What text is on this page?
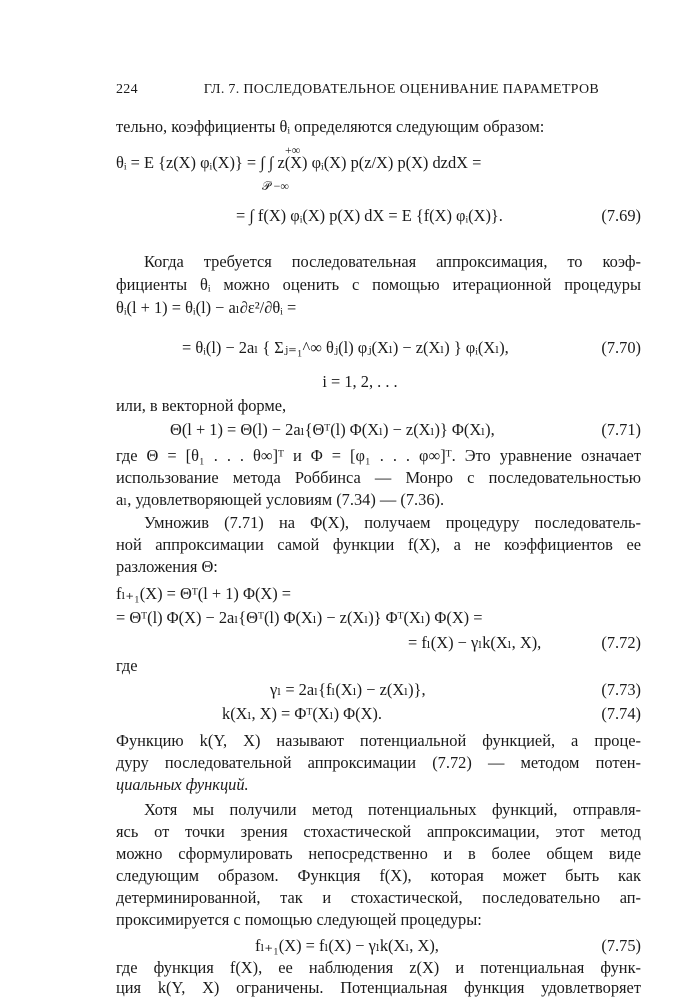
224	ГЛ. 7. ПОСЛЕДОВАТЕЛЬНОЕ ОЦЕНИВАНИЕ ПАРАМЕТРОВ
тельно, коэффициенты θᵢ определяются следующим образом:
+∞
θᵢ = E {z(X) φᵢ(X)} = ∫ ∫ z(X) φᵢ(X) p(z/X) p(X) dzdX =
𝒫 −∞
= ∫ f(X) φᵢ(X) p(X) dX = E {f(X) φᵢ(X)}.	(7.69)
Когда требуется последовательная аппроксимация, то коэф-
фициенты θᵢ можно оценить с помощью итерационной процедуры
θᵢ(l + 1) = θᵢ(l) − aₗ∂ε²/∂θᵢ =
= θᵢ(l) − 2aₗ { Σⱼ₌₁^∞ θⱼ(l) φⱼ(Xₗ) − z(Xₗ) } φᵢ(Xₗ),	(7.70)
i = 1, 2, . . .
или, в векторной форме,
Θ(l + 1) = Θ(l) − 2aₗ{Θᵀ(l) Φ(Xₗ) − z(Xₗ)} Φ(Xₗ),	(7.71)
где Θ = [θ₁ . . . θ∞]ᵀ и Φ = [φ₁ . . . φ∞]ᵀ. Это уравнение означает
использование метода Роббинса — Монро с последовательностью
aₗ, удовлетворяющей условиям (7.34) — (7.36).
Умножив (7.71) на Φ(X), получаем процедуру последователь-
ной аппроксимации самой функции f(X), а не коэффициентов ее
разложения Θ:
fₗ₊₁(X) = Θᵀ(l + 1) Φ(X) =
= Θᵀ(l) Φ(X) − 2aₗ{Θᵀ(l) Φ(Xₗ) − z(Xₗ)} Φᵀ(Xₗ) Φ(X) =
= fₗ(X) − γₗk(Xₗ, X),	(7.72)
где
γₗ = 2aₗ{fₗ(Xₗ) − z(Xₗ)},	(7.73)
k(Xₗ, X) = Φᵀ(Xₗ) Φ(X).	(7.74)
Функцию k(Y, X) называют потенциальной функцией, а проце-
дуру последовательной аппроксимации (7.72) — методом потен-
циальных функций.
Хотя мы получили метод потенциальных функций, отправля-
ясь от точки зрения стохастической аппроксимации, этот метод
можно сформулировать непосредственно и в более общем виде
следующим образом. Функция f(X), которая может быть как
детерминированной, так и стохастической, последовательно ап-
проксимируется с помощью следующей процедуры:
fₗ₊₁(X) = fₗ(X) − γₗk(Xₗ, X),	(7.75)
где функция f(X), ее наблюдения z(X) и потенциальная функ-
ция k(Y, X) ограничены. Потенциальная функция удовлетворяет
